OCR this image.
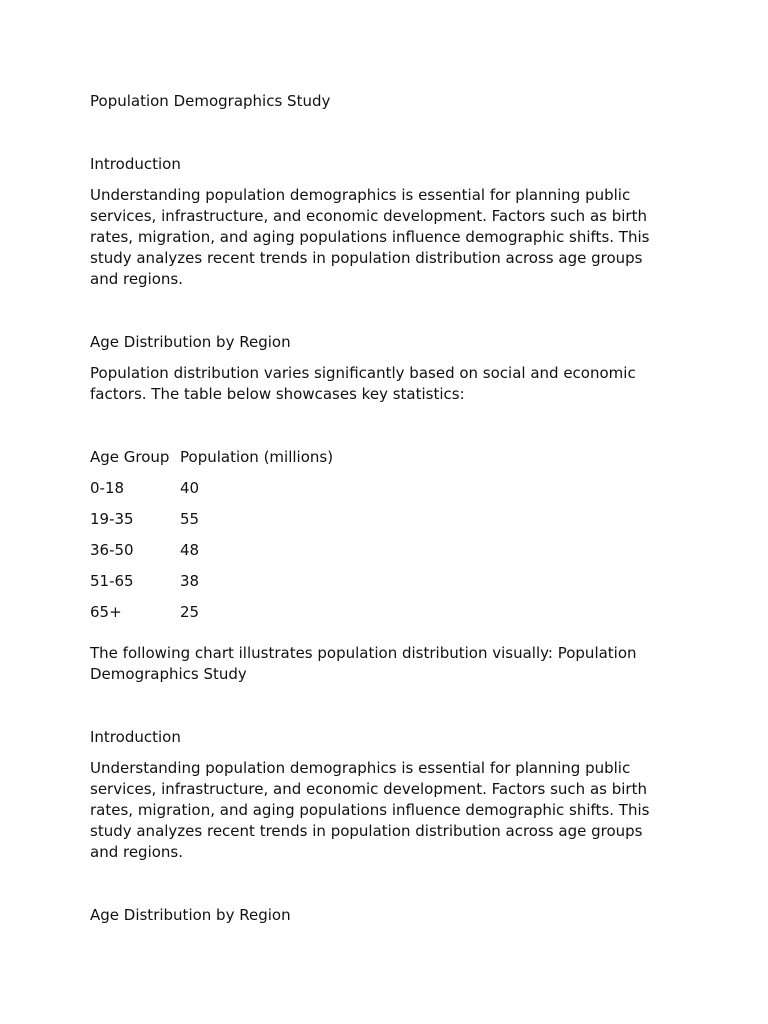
Population Demographics Study

Introduction

Understanding population demographics is essential for planning public services, infrastructure, and economic development. Factors such as birth rates, migration, and aging populations influence demographic shifts. This study analyzes recent trends in population distribution across age groups and regions.

Age Distribution by Region

Population distribution varies significantly based on social and economic factors. The table below showcases key statistics:

Age Group	Population (millions)
0-18	40
19-35	55
36-50	48
51-65	38
65+	25

The following chart illustrates population distribution visually: Population Demographics Study

Introduction

Understanding population demographics is essential for planning public services, infrastructure, and economic development. Factors such as birth rates, migration, and aging populations influence demographic shifts. This study analyzes recent trends in population distribution across age groups and regions.

Age Distribution by Region
